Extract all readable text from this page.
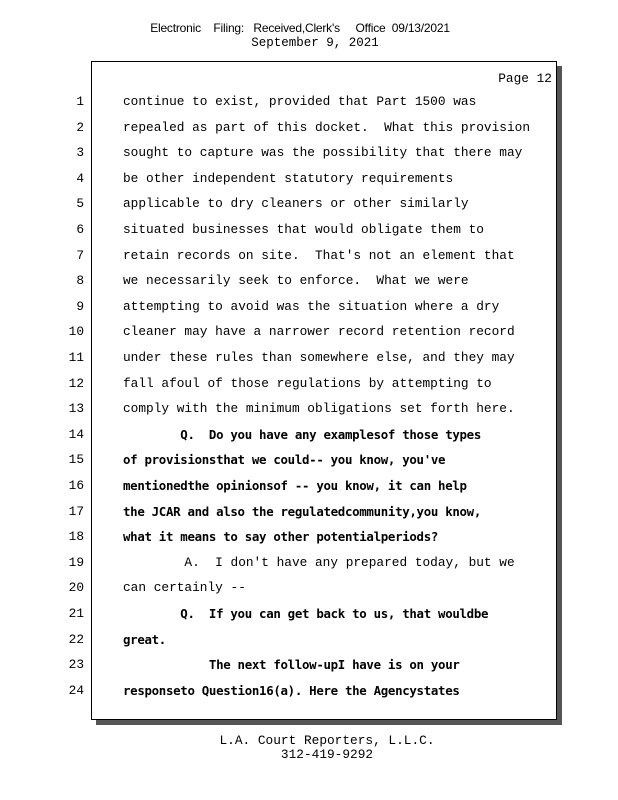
Electronic    Filing:   Received,Clerk's     Office  09/13/2021
September 9, 2021
Page 12
1	continue to exist, provided that Part 1500 was
2	repealed as part of this docket.  What this provision
3	sought to capture was the possibility that there may
4	be other independent statutory requirements
5	applicable to dry cleaners or other similarly
6	situated businesses that would obligate them to
7	retain records on site.  That's not an element that
8	we necessarily seek to enforce.  What we were
9	attempting to avoid was the situation where a dry
10	cleaner may have a narrower record retention record
11	under these rules than somewhere else, and they may
12	fall afoul of those regulations by attempting to
13	comply with the minimum obligations set forth here.
14	Q.  Do you have any examplesof those types
15	of provisionsthat we could-- you know, you've
16	mentionedthe opinionsof -- you know, it can help
17	the JCAR and also the regulatedcommunity,you know,
18	what it means to say other potentialperiods?
19	A.  I don't have any prepared today, but we
20	can certainly --
21	Q.  If you can get back to us, that wouldbe
22	great.
23	The next follow-upI have is on your
24	responseto Question16(a). Here the Agencystates
L.A. Court Reporters, L.L.C.
312-419-9292
